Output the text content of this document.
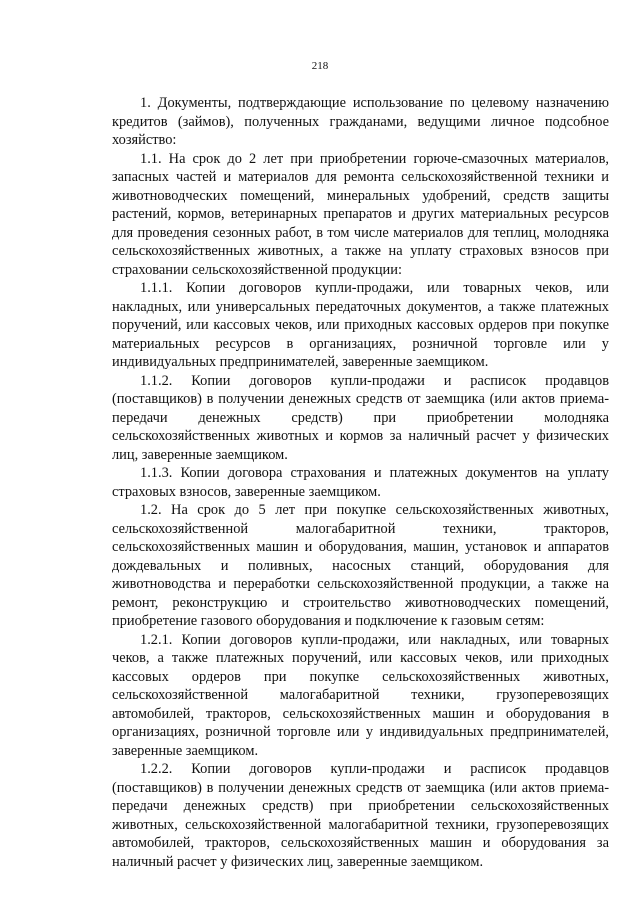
218

1. Документы, подтверждающие использование по целевому назначению кредитов (займов), полученных гражданами, ведущими личное подсобное хозяйство:

1.1. На срок до 2 лет при приобретении горюче-смазочных материалов, запасных частей и материалов для ремонта сельскохозяйственной техники и животноводческих помещений, минеральных удобрений, средств защиты растений, кормов, ветеринарных препаратов и других материальных ресурсов для проведения сезонных работ, в том числе материалов для теплиц, молодняка сельскохозяйственных животных, а также на уплату страховых взносов при страховании сельскохозяйственной продукции:

1.1.1. Копии договоров купли-продажи, или товарных чеков, или накладных, или универсальных передаточных документов, а также платежных поручений, или кассовых чеков, или приходных кассовых ордеров при покупке материальных ресурсов в организациях, розничной торговле или у индивидуальных предпринимателей, заверенные заемщиком.

1.1.2. Копии договоров купли-продажи и расписок продавцов (поставщиков) в получении денежных средств от заемщика (или актов приема-передачи денежных средств) при приобретении молодняка сельскохозяйственных животных и кормов за наличный расчет у физических лиц, заверенные заемщиком.

1.1.3. Копии договора страхования и платежных документов на уплату страховых взносов, заверенные заемщиком.

1.2. На срок до 5 лет при покупке сельскохозяйственных животных, сельскохозяйственной малогабаритной техники, тракторов, сельскохозяйственных машин и оборудования, машин, установок и аппаратов дождевальных и поливных, насосных станций, оборудования для животноводства и переработки сельскохозяйственной продукции, а также на ремонт, реконструкцию и строительство животноводческих помещений, приобретение газового оборудования и подключение к газовым сетям:

1.2.1. Копии договоров купли-продажи, или накладных, или товарных чеков, а также платежных поручений, или кассовых чеков, или приходных кассовых ордеров при покупке сельскохозяйственных животных, сельскохозяйственной малогабаритной техники, грузоперевозящих автомобилей, тракторов, сельскохозяйственных машин и оборудования в организациях, розничной торговле или у индивидуальных предпринимателей, заверенные заемщиком.

1.2.2. Копии договоров купли-продажи и расписок продавцов (поставщиков) в получении денежных средств от заемщика (или актов приема-передачи денежных средств) при приобретении сельскохозяйственных животных, сельскохозяйственной малогабаритной техники, грузоперевозящих автомобилей, тракторов, сельскохозяйственных машин и оборудования за наличный расчет у физических лиц, заверенные заемщиком.
